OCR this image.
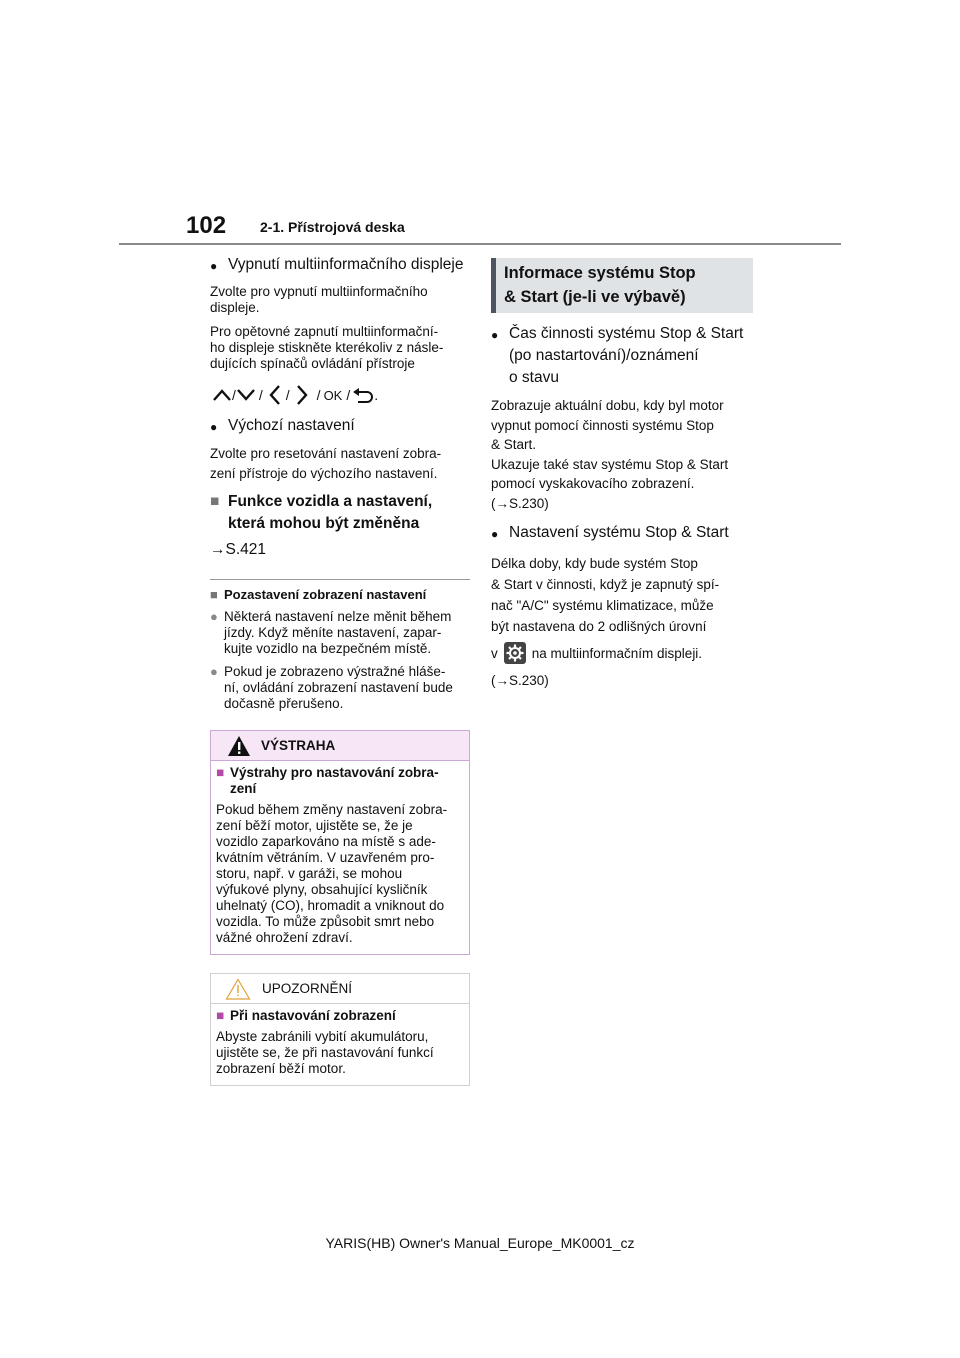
102 2-1. Přístrojová deska
● Vypnutí multiinformačního displeje

Zvolte pro vypnutí multiinformačního displeje.

Pro opětovné zapnutí multiinformační-

ho displeje stiskněte kterékoliv z násle-

dujících spínačů ovládání přístroje

/ / / / OK / .
● Výchozí nastavení

Zvolte pro resetování nastavení zobra-

zení přístroje do výchozího nastavení.

■ Funkce vozidla a nastavení,
která mohou být změněna
→S.421
■ Pozastavení zobrazení nastavení
● Některá nastavení nelze měnit během
jízdy. Když měníte nastavení, zapar-
kujte vozidlo na bezpečném místě.
● Pokud je zobrazeno výstražné hláše-
ní, ovládání zobrazení nastavení bude
dočasně přerušeno.
VÝSTRAHA
■ Výstrahy pro nastavování zobra-
zení

Pokud během změny nastavení zobra-
zení běží motor, ujistěte se, že je
vozidlo zaparkováno na místě s ade-
kvátním větráním. V uzavřeném pro-
storu, např. v garáži, se mohou
výfukové plyny, obsahující kysličník
uhelnatý (CO), hromadit a vniknout do
vozidla. To může způsobit smrt nebo
vážné ohrožení zdraví.

UPOZORNĚNÍ
■ Při nastavování zobrazení

Abyste zabránili vybití akumulátoru,
ujistěte se, že při nastavování funkcí
zobrazení běží motor.

Informace systému Stop
& Start (je-li ve výbavě)
● Čas činnosti systému Stop & Start
(po nastartování)/oznámení
o stavu

Zobrazuje aktuální dobu, kdy byl motor

vypnut pomocí činnosti systému Stop

& Start.

Ukazuje také stav systému Stop & Start

pomocí vyskakovacího zobrazení.

(→S.230)

● Nastavení systému Stop & Start

Délka doby, kdy bude systém Stop

& Start v činnosti, když je zapnutý spí-

nač "A/C" systému klimatizace, může

být nastavena do 2 odlišných úrovní

v	na multiinformačním displeji.
(→S.230)
YARIS(HB) Owner's Manual_Europe_MK0001_cz
